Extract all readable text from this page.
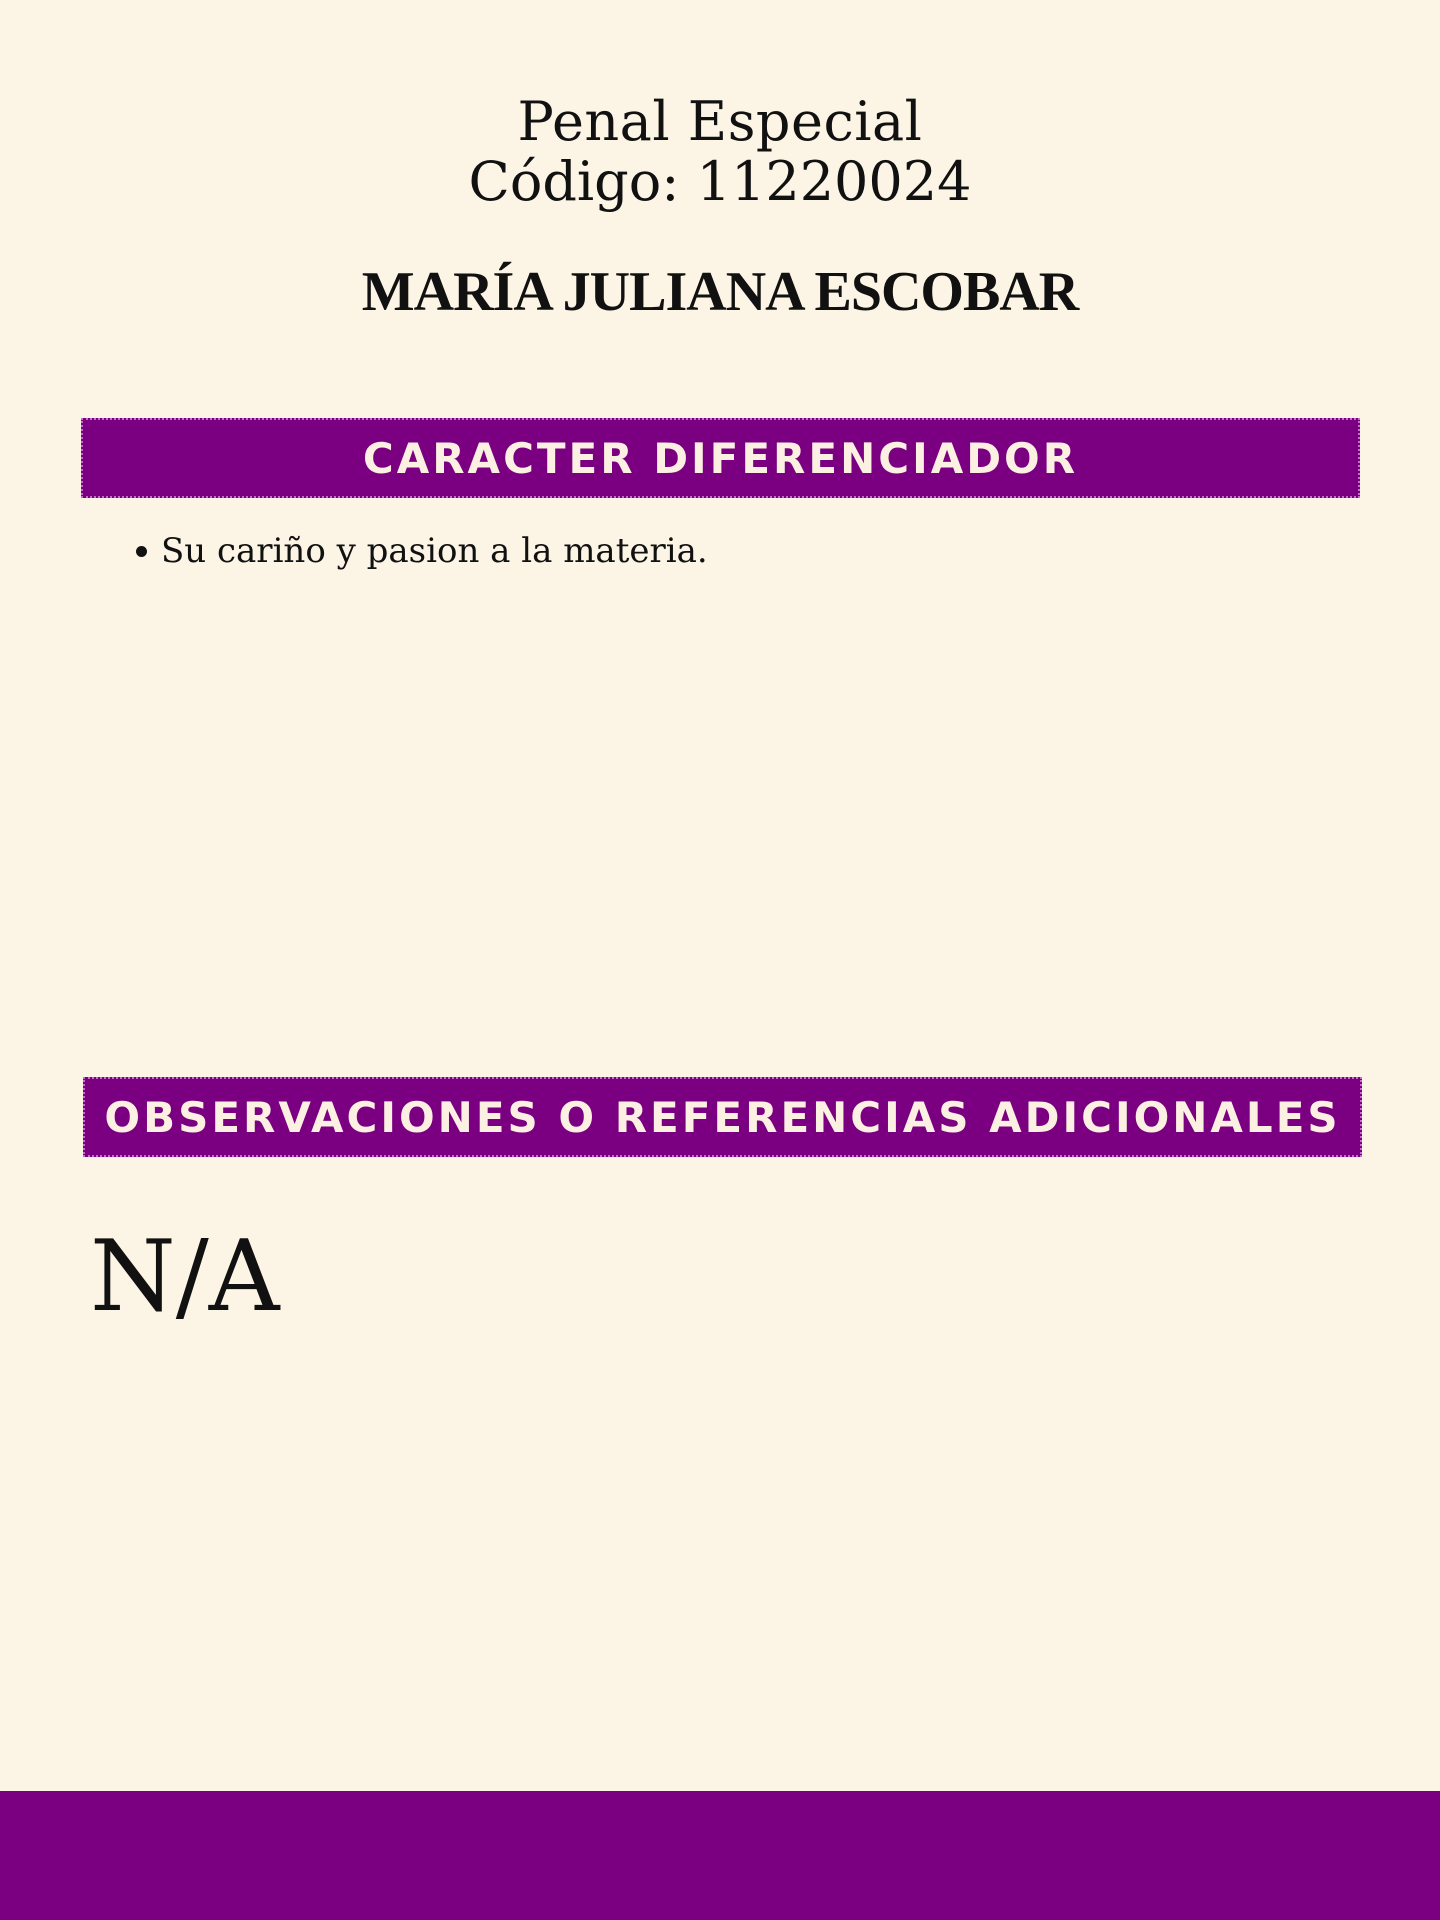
Penal Especial
Código: 11220024
MARÍA JULIANA ESCOBAR
CARACTER DIFERENCIADOR
Su cariño y pasion a la materia.
OBSERVACIONES O REFERENCIAS ADICIONALES

N/A
